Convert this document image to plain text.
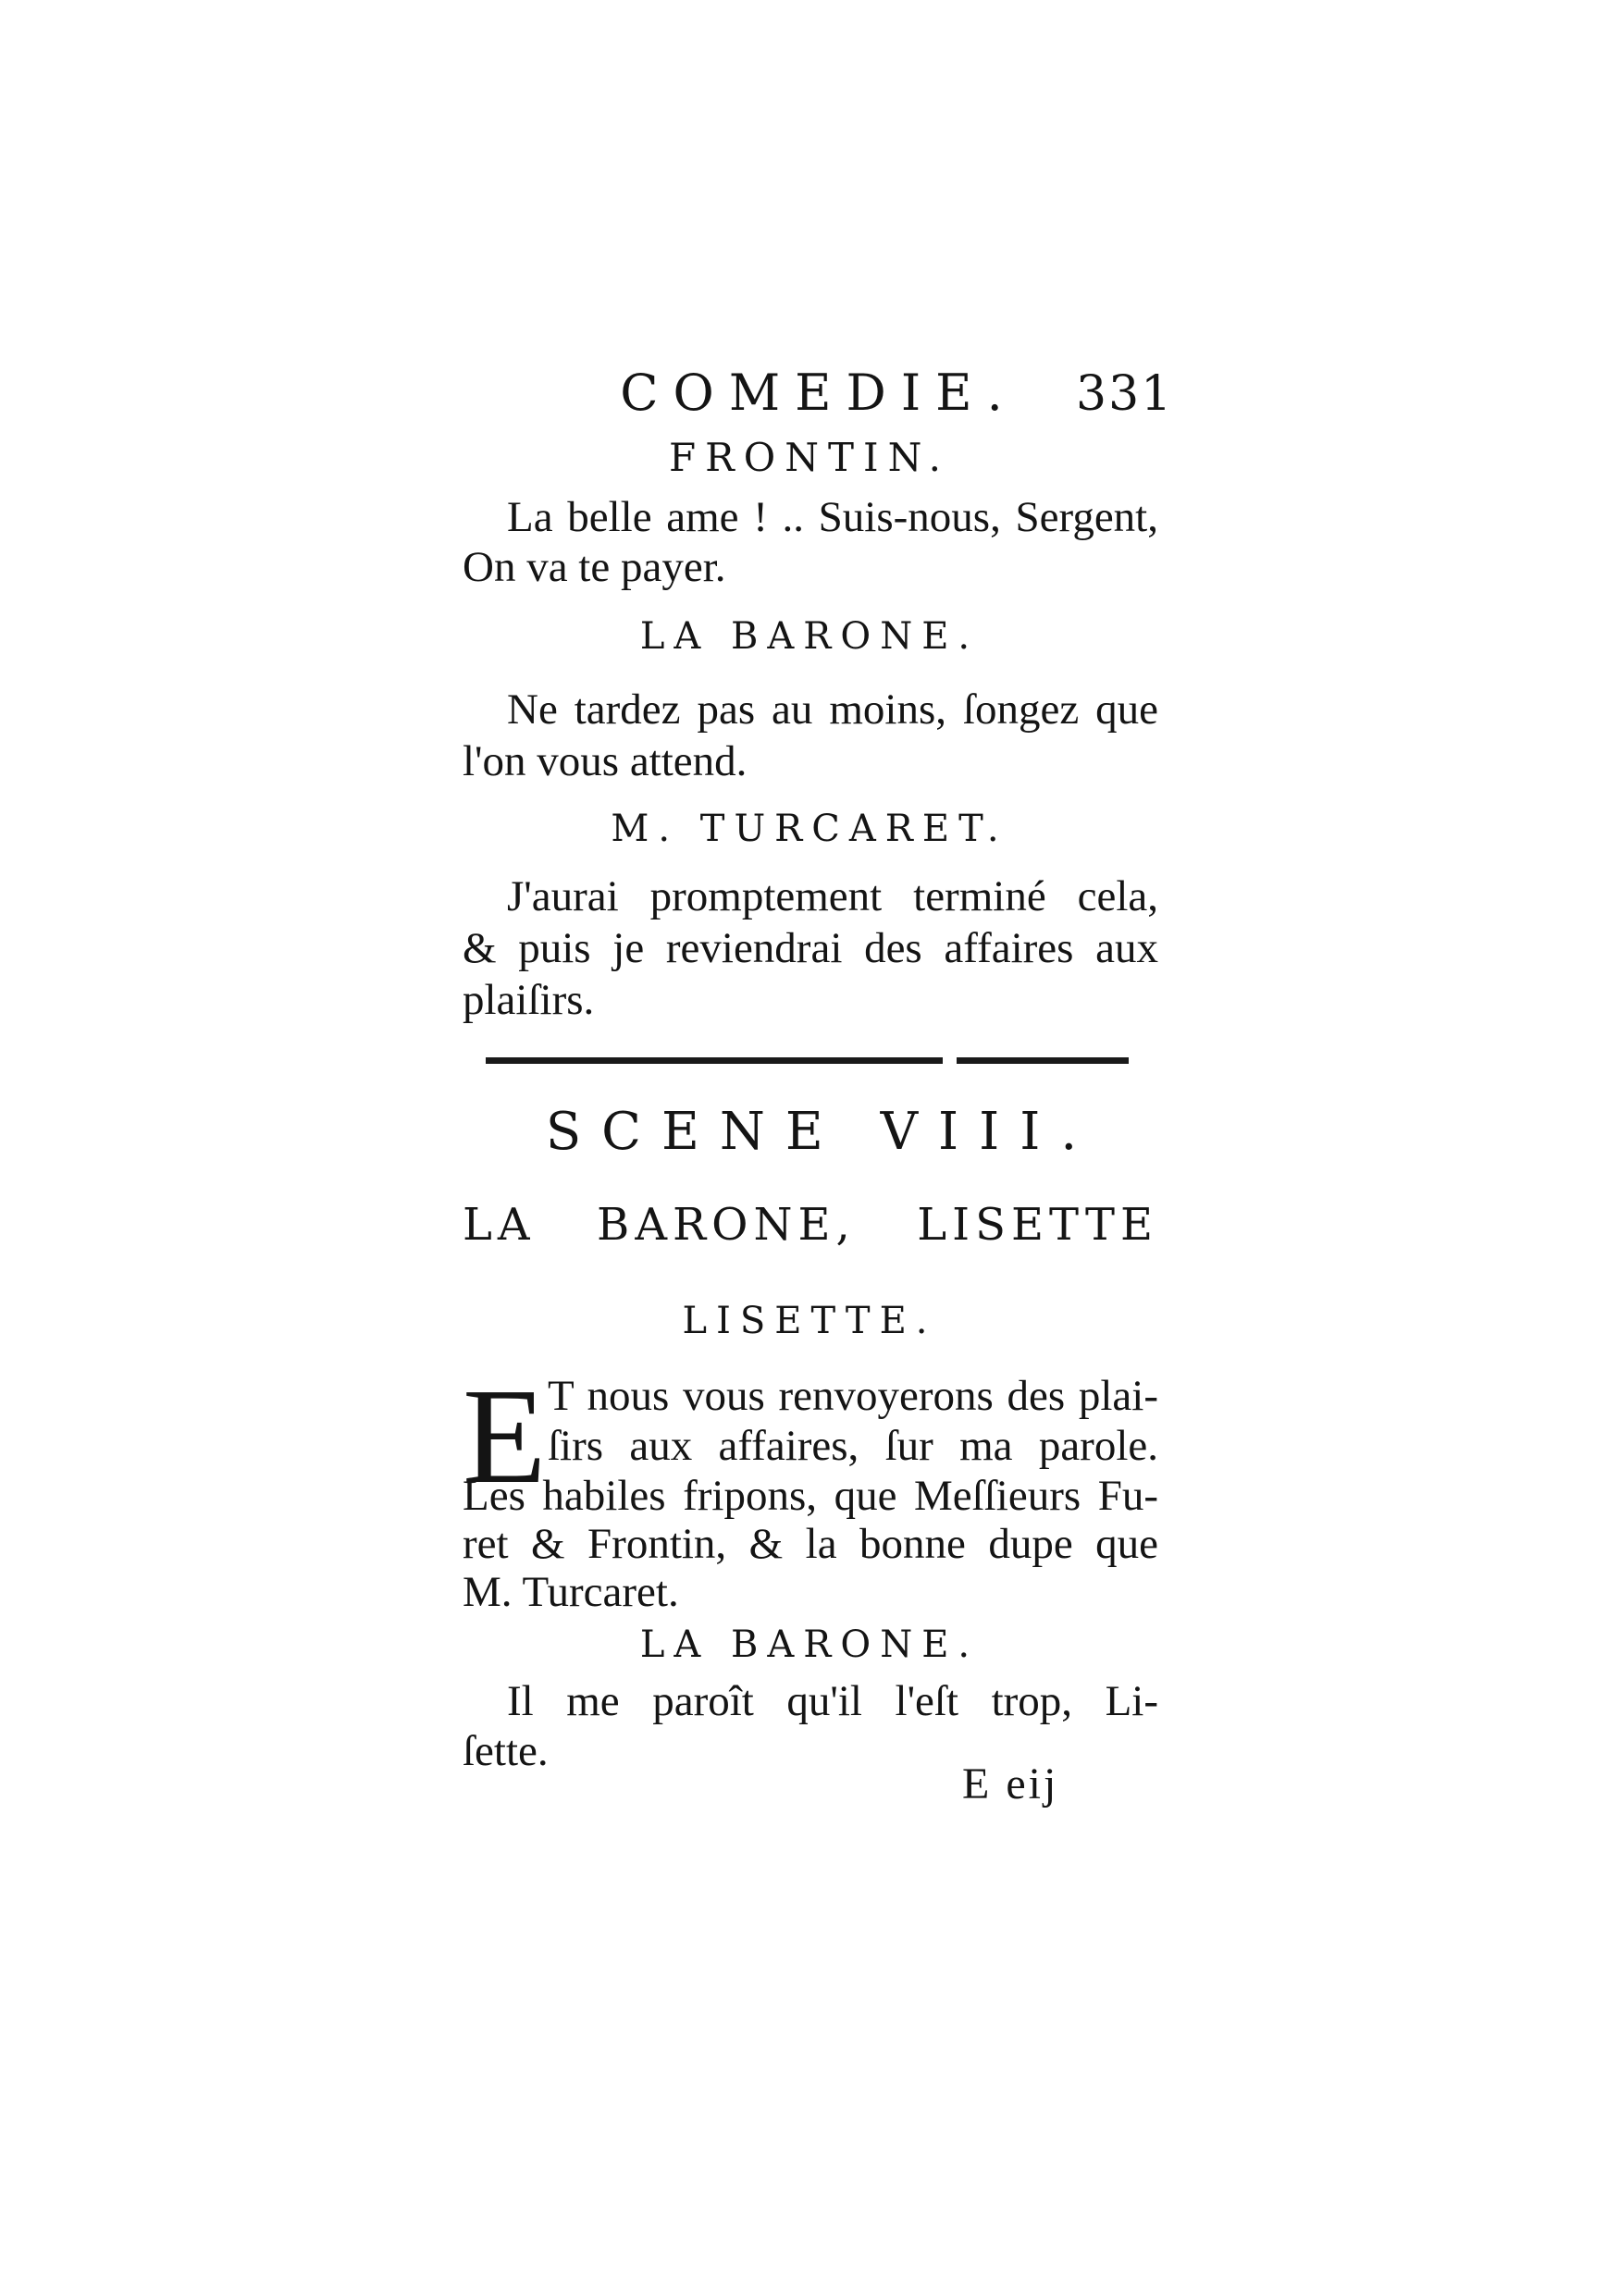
COMEDIE.	331
FRONTIN.
La belle ame ! .. Suis-nous, Sergent,
On va te payer.
LA BARONE.
Ne tardez pas au moins, ſongez que
l'on vous attend.
M. TURCARET.
J'aurai promptement terminé cela,
& puis je reviendrai des affaires aux
plaiſirs.
SCENE VIII.
LA BARONE, LISETTE
LISETTE.
E T nous vous renvoyerons des plai-
ſirs aux affaires, ſur ma parole.
Les habiles fripons, que Meſſieurs Fu-
ret & Frontin, & la bonne dupe que
M. Turcaret.
LA BARONE.
Il me paroît qu'il l'eſt trop, Li-
ſette.
E eij
